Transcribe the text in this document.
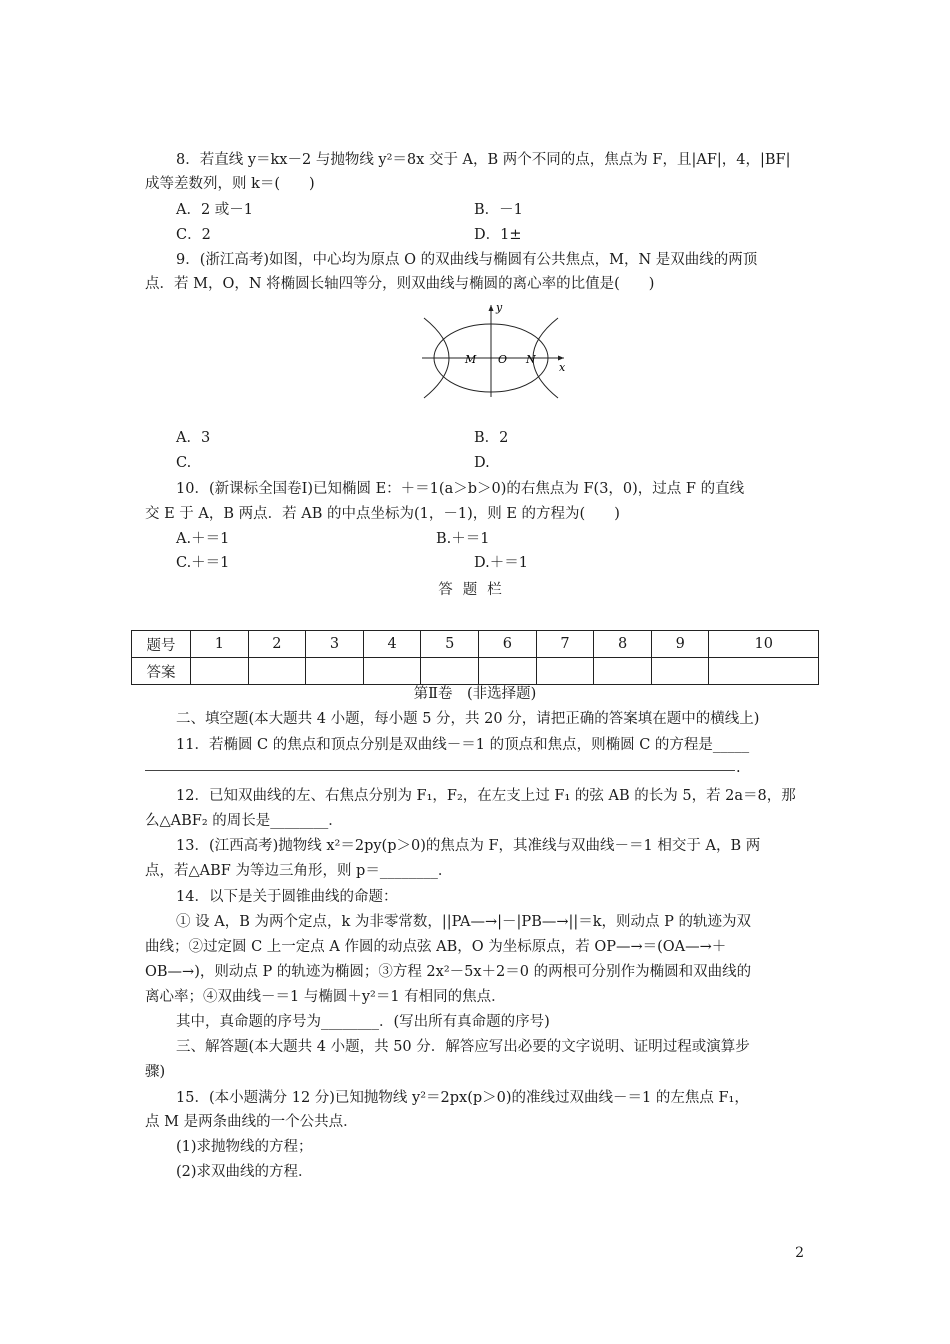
8．若直线 y＝kx－2 与抛物线 y²＝8x 交于 A，B 两个不同的点，焦点为 F，且|AF|，4，|BF|
成等差数列，则 k＝(　　)
A．2 或－1	B．－1
C．2	D．1±
9．(浙江高考)如图，中心均为原点 O 的双曲线与椭圆有公共焦点，M，N 是双曲线的两顶
点．若 M，O，N 将椭圆长轴四等分，则双曲线与椭圆的离心率的比值是(　　)
y
x
M O N
A．3	B．2
C.	D.
10．(新课标全国卷Ⅰ)已知椭圆 E：＋＝1(a＞b＞0)的右焦点为 F(3，0)，过点 F 的直线
交 E 于 A，B 两点．若 AB 的中点坐标为(1，－1)，则 E 的方程为(　　)
A.＋＝1	B.＋＝1
C.＋＝1	D.＋＝1
答题栏
题号	1	2	3	4	5	6	7	8	9	10
答案										
第Ⅱ卷　(非选择题)
二、填空题(本大题共 4 小题，每小题 5 分，共 20 分，请把正确的答案填在题中的横线上)
11．若椭圆 C 的焦点和顶点分别是双曲线－＝1 的顶点和焦点，则椭圆 C 的方程是_____
.
12．已知双曲线的左、右焦点分别为 F₁，F₂，在左支上过 F₁ 的弦 AB 的长为 5，若 2a＝8，那
么△ABF₂ 的周长是________．
13．(江西高考)抛物线 x²＝2py(p＞0)的焦点为 F，其准线与双曲线－＝1 相交于 A，B 两
点，若△ABF 为等边三角形，则 p＝________．
14．以下是关于圆锥曲线的命题：
① 设 A，B 为两个定点，k 为非零常数，||PA—→|－|PB—→||＝k，则动点 P 的轨迹为双
曲线；②过定圆 C 上一定点 A 作圆的动点弦 AB，O 为坐标原点，若 OP—→＝(OA—→＋
OB—→)，则动点 P 的轨迹为椭圆；③方程 2x²－5x＋2＝0 的两根可分别作为椭圆和双曲线的
离心率；④双曲线－＝1 与椭圆＋y²＝1 有相同的焦点．
其中，真命题的序号为________．(写出所有真命题的序号)
三、解答题(本大题共 4 小题，共 50 分．解答应写出必要的文字说明、证明过程或演算步
骤)
15．(本小题满分 12 分)已知抛物线 y²＝2px(p＞0)的准线过双曲线－＝1 的左焦点 F₁，
点 M 是两条曲线的一个公共点．
(1)求抛物线的方程；
(2)求双曲线的方程．
2
